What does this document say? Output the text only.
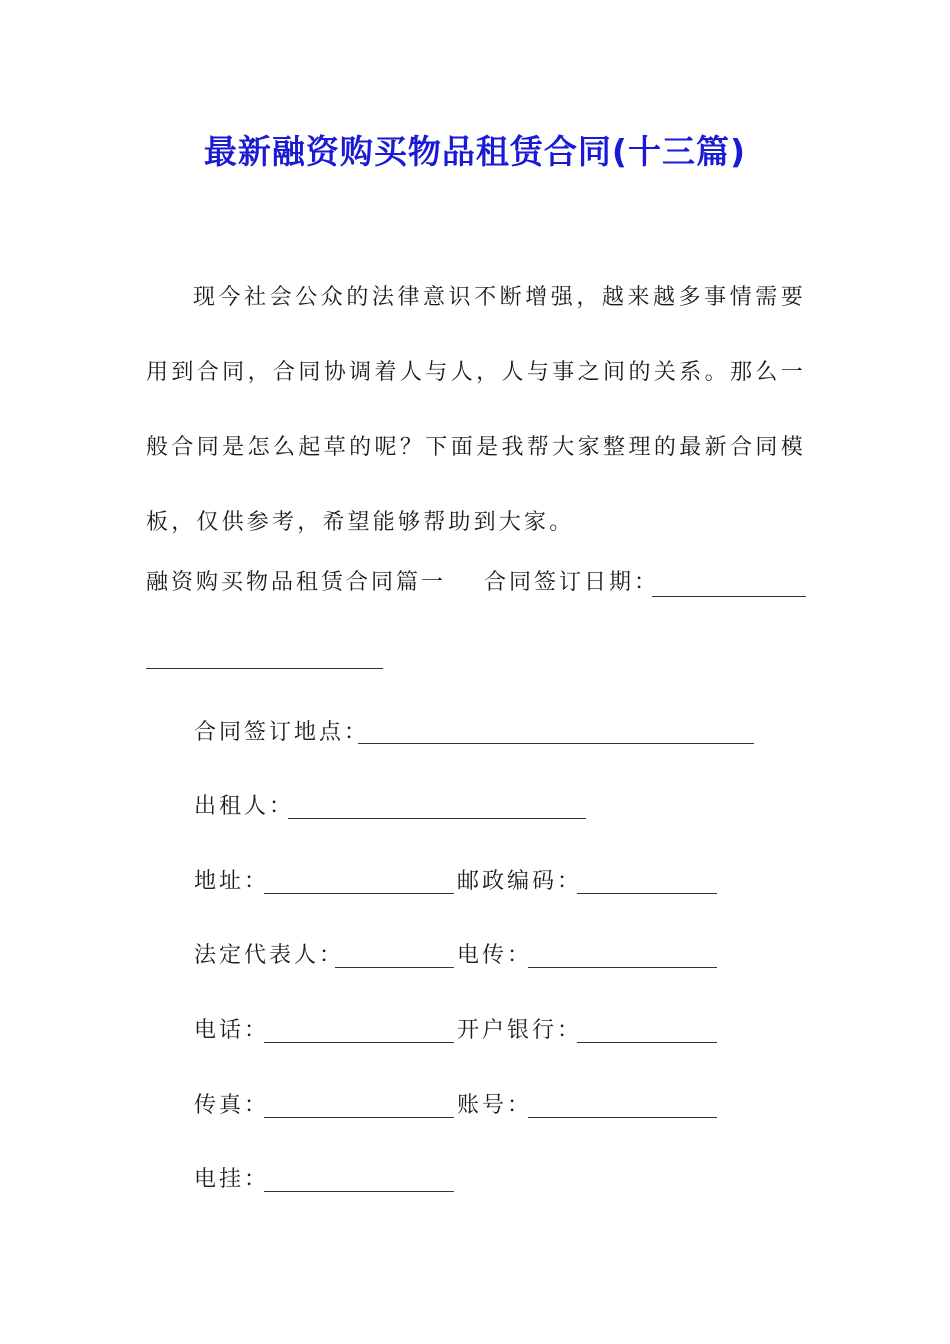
最新融资购买物品租赁合同(十三篇)

现今社会公众的法律意识不断增强，越来越多事情需要用到合同，合同协调着人与人，人与事之间的关系。那么一般合同是怎么起草的呢？下面是我帮大家整理的最新合同模板，仅供参考，希望能够帮助到大家。

融资购买物品租赁合同篇一 合同签订日期：
合同签订地点：
出租人：
地址：	邮政编码：
法定代表人：	电传：
电话：	开户银行：
传真：	账号：
电挂：
